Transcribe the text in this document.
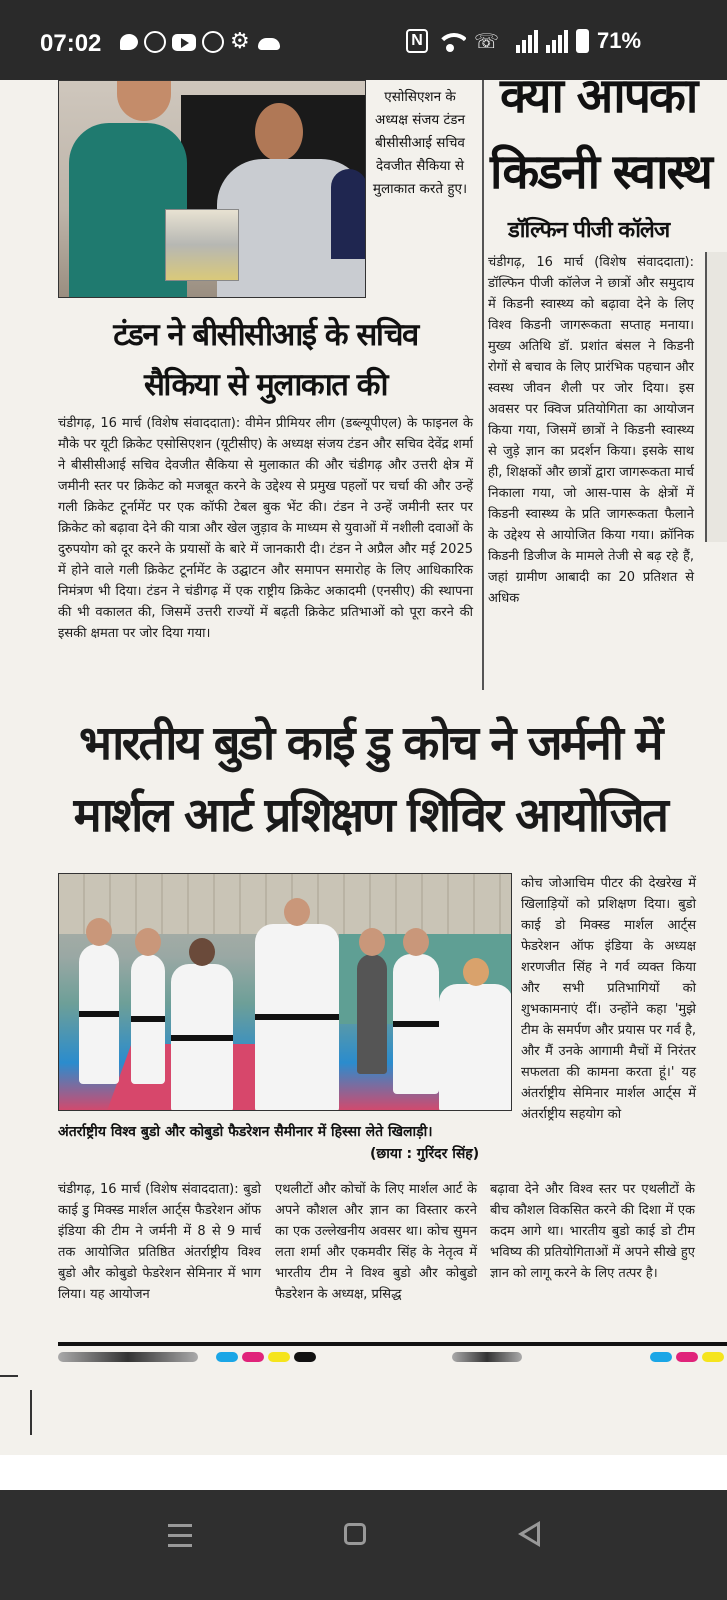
07:02	⚙	N	☏	71%
एसोसिएशन के अध्यक्ष संजय टंडन बीसीसीआई सचिव देवजीत सैकिया से मुलाकात करते हुए।
टंडन ने बीसीसीआई के सचिव
सैकिया से मुलाकात की
चंडीगढ़, 16 मार्च (विशेष संवाददाता): वीमेन प्रीमियर लीग (डब्ल्यूपीएल) के फाइनल के मौके पर यूटी क्रिकेट एसोसिएशन (यूटीसीए) के अध्यक्ष संजय टंडन और सचिव देवेंद्र शर्मा ने बीसीसीआई सचिव देवजीत सैकिया से मुलाकात की और चंडीगढ़ और उत्तरी क्षेत्र में जमीनी स्तर पर क्रिकेट को मजबूत करने के उद्देश्य से प्रमुख पहलों पर चर्चा की और उन्हें गली क्रिकेट टूर्नामेंट पर एक कॉफी टेबल बुक भेंट की। टंडन ने उन्हें जमीनी स्तर पर क्रिकेट को बढ़ावा देने की यात्रा और खेल जुड़ाव के माध्यम से युवाओं में नशीली दवाओं के दुरुपयोग को दूर करने के प्रयासों के बारे में जानकारी दी। टंडन ने अप्रैल और मई 2025 में होने वाले गली क्रिकेट टूर्नामेंट के उद्घाटन और समापन समारोह के लिए आधिकारिक निमंत्रण भी दिया। टंडन ने चंडीगढ़ में एक राष्ट्रीय क्रिकेट अकादमी (एनसीए) की स्थापना की भी वकालत की, जिसमें उत्तरी राज्यों में बढ़ती क्रिकेट प्रतिभाओं को पूरा करने की इसकी क्षमता पर जोर दिया गया।
क्या आपका
किडनी स्वास्थ
डॉल्फिन पीजी कॉलेज
चंडीगढ़, 16 मार्च (विशेष संवाददाता): डॉल्फिन पीजी कॉलेज ने छात्रों और समुदाय में किडनी स्वास्थ्य को बढ़ावा देने के लिए विश्व किडनी जागरूकता सप्ताह मनाया। मुख्य अतिथि डॉ. प्रशांत बंसल ने किडनी रोगों से बचाव के लिए प्रारंभिक पहचान और स्वस्थ जीवन शैली पर जोर दिया। इस अवसर पर क्विज प्रतियोगिता का आयोजन किया गया, जिसमें छात्रों ने किडनी स्वास्थ्य से जुड़े ज्ञान का प्रदर्शन किया। इसके साथ ही, शिक्षकों और छात्रों द्वारा जागरूकता मार्च निकाला गया, जो आस-पास के क्षेत्रों में किडनी स्वास्थ्य के प्रति जागरूकता फैलाने के उद्देश्य से आयोजित किया गया। क्रॉनिक किडनी डिजीज के मामले तेजी से बढ़ रहे हैं, जहां ग्रामीण आबादी का 20 प्रतिशत से अधिक
भारतीय बुडो काई डु कोच ने जर्मनी में
मार्शल आर्ट प्रशिक्षण शिविर आयोजित
अंतर्राष्ट्रीय विश्व बुडो और कोबुडो फैडरेशन सैमीनार में हिस्सा लेते खिलाड़ी।
(छाया : गुरिंदर सिंह)
कोच जोआचिम पीटर की देखरेख में खिलाड़ियों को प्रशिक्षण दिया। बुडो काई डो मिक्स्ड मार्शल आर्ट्स फेडरेशन ऑफ इंडिया के अध्यक्ष शरणजीत सिंह ने गर्व व्यक्त किया और सभी प्रतिभागियों को शुभकामनाएं दीं। उन्होंने कहा 'मुझे टीम के समर्पण और प्रयास पर गर्व है, और मैं उनके आगामी मैचों में निरंतर सफलता की कामना करता हूं।' यह अंतर्राष्ट्रीय सेमिनार मार्शल आर्ट्स में अंतर्राष्ट्रीय सहयोग को
चंडीगढ़, 16 मार्च (विशेष संवाददाता): बुडो काई डु मिक्स्ड मार्शल आर्ट्स फैडरेशन ऑफ इंडिया की टीम ने जर्मनी में 8 से 9 मार्च तक आयोजित प्रतिष्ठित अंतर्राष्ट्रीय विश्व बुडो और कोबुडो फेडरेशन सेमिनार में भाग लिया। यह आयोजन
एथलीटों और कोचों के लिए मार्शल आर्ट के अपने कौशल और ज्ञान का विस्तार करने का एक उल्लेखनीय अवसर था। कोच सुमन लता शर्मा और एकमवीर सिंह के नेतृत्व में भारतीय टीम ने विश्व बुडो और कोबुडो फैडरेशन के अध्यक्ष, प्रसिद्ध
बढ़ावा देने और विश्व स्तर पर एथलीटों के बीच कौशल विकसित करने की दिशा में एक कदम आगे था। भारतीय बुडो काई डो टीम भविष्य की प्रतियोगिताओं में अपने सीखे हुए ज्ञान को लागू करने के लिए तत्पर है।
